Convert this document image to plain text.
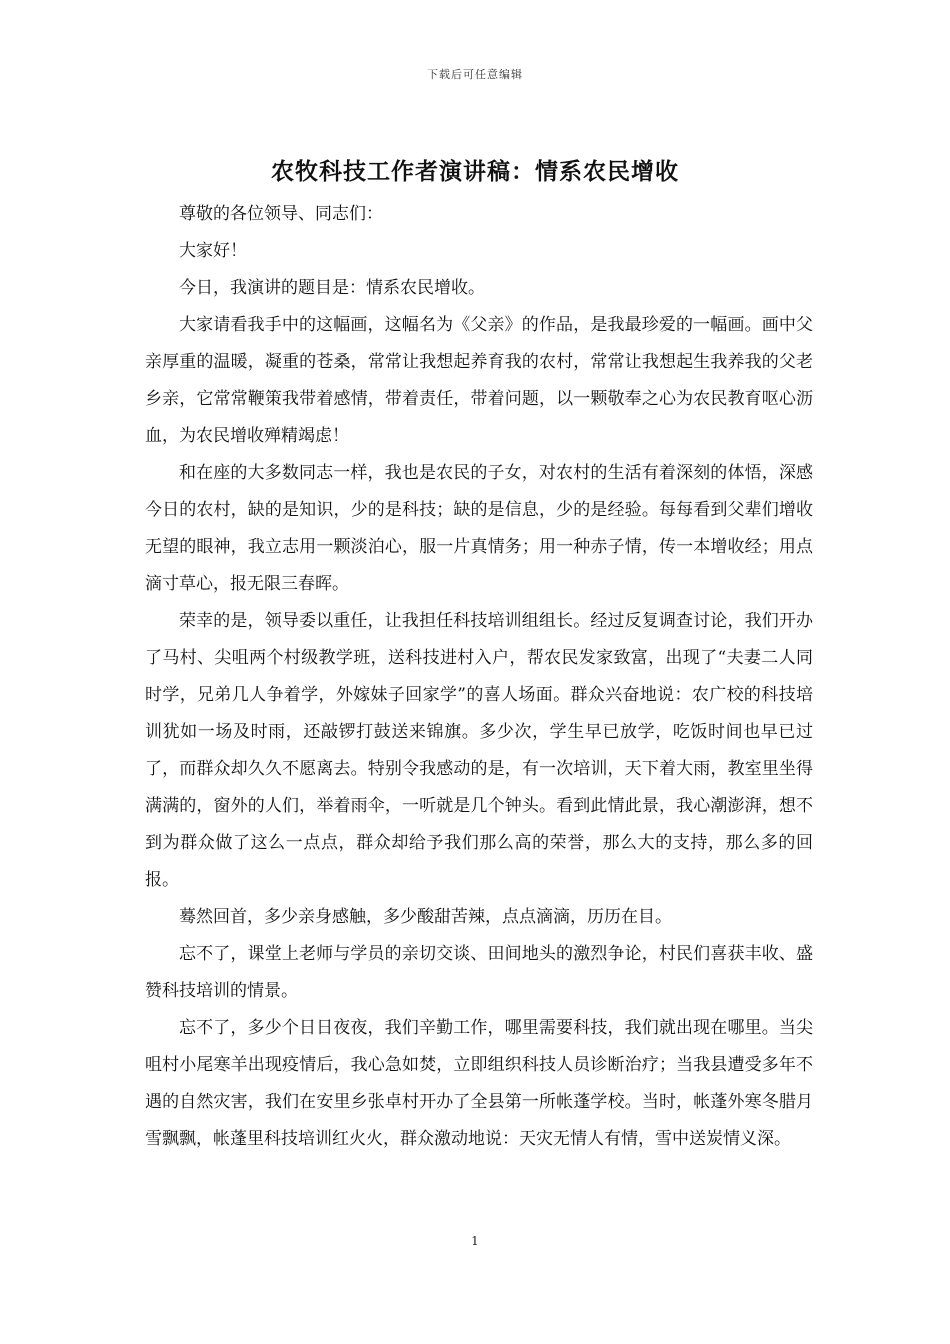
下载后可任意编辑
农牧科技工作者演讲稿：情系农民增收

尊敬的各位领导、同志们：

大家好！

今日，我演讲的题目是：情系农民增收。

大家请看我手中的这幅画，这幅名为《父亲》的作品，是我最珍爱的一幅画。画中父亲厚重的温暖，凝重的苍桑，常常让我想起养育我的农村，常常让我想起生我养我的父老乡亲，它常常鞭策我带着感情，带着责任，带着问题，以一颗敬奉之心为农民教育呕心沥血，为农民增收殚精竭虑！

和在座的大多数同志一样，我也是农民的子女，对农村的生活有着深刻的体悟，深感今日的农村，缺的是知识，少的是科技；缺的是信息，少的是经验。每每看到父辈们增收无望的眼神，我立志用一颗淡泊心，服一片真情务；用一种赤子情，传一本增收经；用点滴寸草心，报无限三春晖。

荣幸的是，领导委以重任，让我担任科技培训组组长。经过反复调查讨论，我们开办了马村、尖咀两个村级教学班，送科技进村入户，帮农民发家致富，出现了“夫妻二人同时学，兄弟几人争着学，外嫁妹子回家学”的喜人场面。群众兴奋地说：农广校的科技培训犹如一场及时雨，还敲锣打鼓送来锦旗。多少次，学生早已放学，吃饭时间也早已过了，而群众却久久不愿离去。特别令我感动的是，有一次培训，天下着大雨，教室里坐得满满的，窗外的人们，举着雨伞，一听就是几个钟头。看到此情此景，我心潮澎湃，想不到为群众做了这么一点点，群众却给予我们那么高的荣誉，那么大的支持，那么多的回报。

蓦然回首，多少亲身感触，多少酸甜苦辣，点点滴滴，历历在目。

忘不了，课堂上老师与学员的亲切交谈、田间地头的激烈争论，村民们喜获丰收、盛赞科技培训的情景。

忘不了，多少个日日夜夜，我们辛勤工作，哪里需要科技，我们就出现在哪里。当尖咀村小尾寒羊出现疫情后，我心急如焚，立即组织科技人员诊断治疗；当我县遭受多年不遇的自然灾害，我们在安里乡张卓村开办了全县第一所帐蓬学校。当时，帐蓬外寒冬腊月雪飘飘，帐蓬里科技培训红火火，群众激动地说：天灾无情人有情，雪中送炭情义深。

1
